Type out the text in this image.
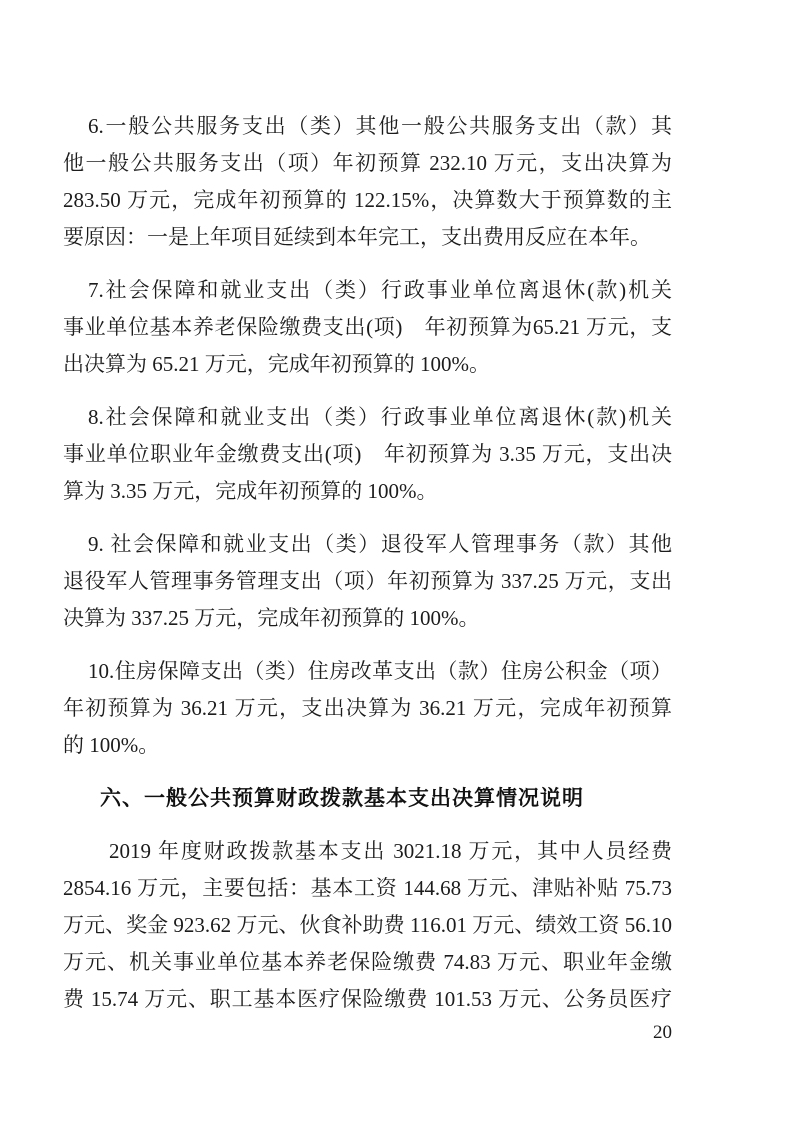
6.一般公共服务支出（类）其他一般公共服务支出（款）其
他一般公共服务支出（项）年初预算 232.10 万元，支出决算为
283.50 万元，完成年初预算的 122.15%，决算数大于预算数的主
要原因：一是上年项目延续到本年完工，支出费用反应在本年。
7.社会保障和就业支出（类）行政事业单位离退休(款)机关
事业单位基本养老保险缴费支出(项)　年初预算为65.21 万元，支
出决算为 65.21 万元，完成年初预算的 100%。
8.社会保障和就业支出（类）行政事业单位离退休(款)机关
事业单位职业年金缴费支出(项)　年初预算为 3.35 万元，支出决
算为 3.35 万元，完成年初预算的 100%。
9. 社会保障和就业支出（类）退役军人管理事务（款）其他
退役军人管理事务管理支出（项）年初预算为 337.25 万元，支出
决算为 337.25 万元，完成年初预算的 100%。
10.住房保障支出（类）住房改革支出（款）住房公积金（项）
年初预算为 36.21 万元，支出决算为 36.21 万元，完成年初预算
的 100%。
六、一般公共预算财政拨款基本支出决算情况说明
2019 年度财政拨款基本支出 3021.18 万元，其中人员经费
2854.16 万元，主要包括：基本工资 144.68 万元、津贴补贴 75.73
万元、奖金 923.62 万元、伙食补助费 116.01 万元、绩效工资 56.10
万元、机关事业单位基本养老保险缴费 74.83 万元、职业年金缴
费 15.74 万元、职工基本医疗保险缴费 101.53 万元、公务员医疗
20
